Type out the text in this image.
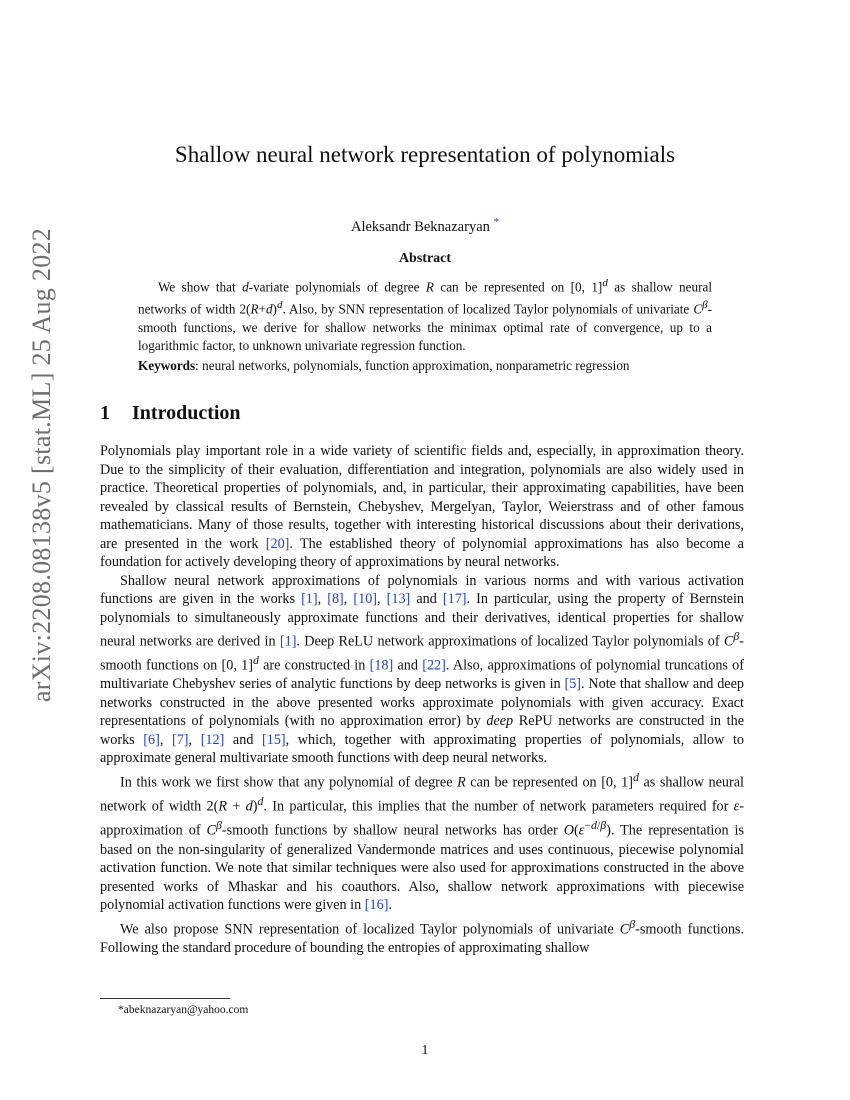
arXiv:2208.08138v5 [stat.ML] 25 Aug 2022
Shallow neural network representation of polynomials
Aleksandr Beknazaryan *
Abstract
We show that d-variate polynomials of degree R can be represented on [0, 1]$^d$ as shallow neural networks of width $2(R+d)^d$. Also, by SNN representation of localized Taylor polynomials of univariate $C^\beta$-smooth functions, we derive for shallow networks the minimax optimal rate of convergence, up to a logarithmic factor, to unknown univariate regression function.
Keywords: neural networks, polynomials, function approximation, nonparametric regression
1 Introduction

Polynomials play important role in a wide variety of scientific fields and, especially, in approximation theory. Due to the simplicity of their evaluation, differentiation and integration, polynomials are also widely used in practice. Theoretical properties of polynomials, and, in particular, their approximating capabilities, have been revealed by classical results of Bernstein, Chebyshev, Mergelyan, Taylor, Weierstrass and of other famous mathematicians. Many of those results, together with interesting historical discussions about their derivations, are presented in the work [20]. The established theory of polynomial approximations has also become a foundation for actively developing theory of approximations by neural networks.

Shallow neural network approximations of polynomials in various norms and with various activation functions are given in the works [1], [8], [10], [13] and [17]. In particular, using the property of Bernstein polynomials to simultaneously approximate functions and their derivatives, identical properties for shallow neural networks are derived in [1]. Deep ReLU network approximations of localized Taylor polynomials of $C^\beta$-smooth functions on [0, 1]$^d$ are constructed in [18] and [22]. Also, approximations of polynomial truncations of multivariate Chebyshev series of analytic functions by deep networks is given in [5]. Note that shallow and deep networks constructed in the above presented works approximate polynomials with given accuracy. Exact representations of polynomials (with no approximation error) by deep RePU networks are constructed in the works [6], [7], [12] and [15], which, together with approximating properties of polynomials, allow to approximate general multivariate smooth functions with deep neural networks.

In this work we first show that any polynomial of degree R can be represented on [0, 1]$^d$ as shallow neural network of width $2(R + d)^d$. In particular, this implies that the number of network parameters required for ε-approximation of $C^\beta$-smooth functions by shallow neural networks has order $O(\varepsilon^{-d/\beta})$. The representation is based on the non-singularity of generalized Vandermonde matrices and uses continuous, piecewise polynomial activation function. We note that similar techniques were also used for approximations constructed in the above presented works of Mhaskar and his coauthors. Also, shallow network approximations with piecewise polynomial activation functions were given in [16].

We also propose SNN representation of localized Taylor polynomials of univariate $C^\beta$-smooth functions. Following the standard procedure of bounding the entropies of approximating shallow

*abeknazaryan@yahoo.com
1
